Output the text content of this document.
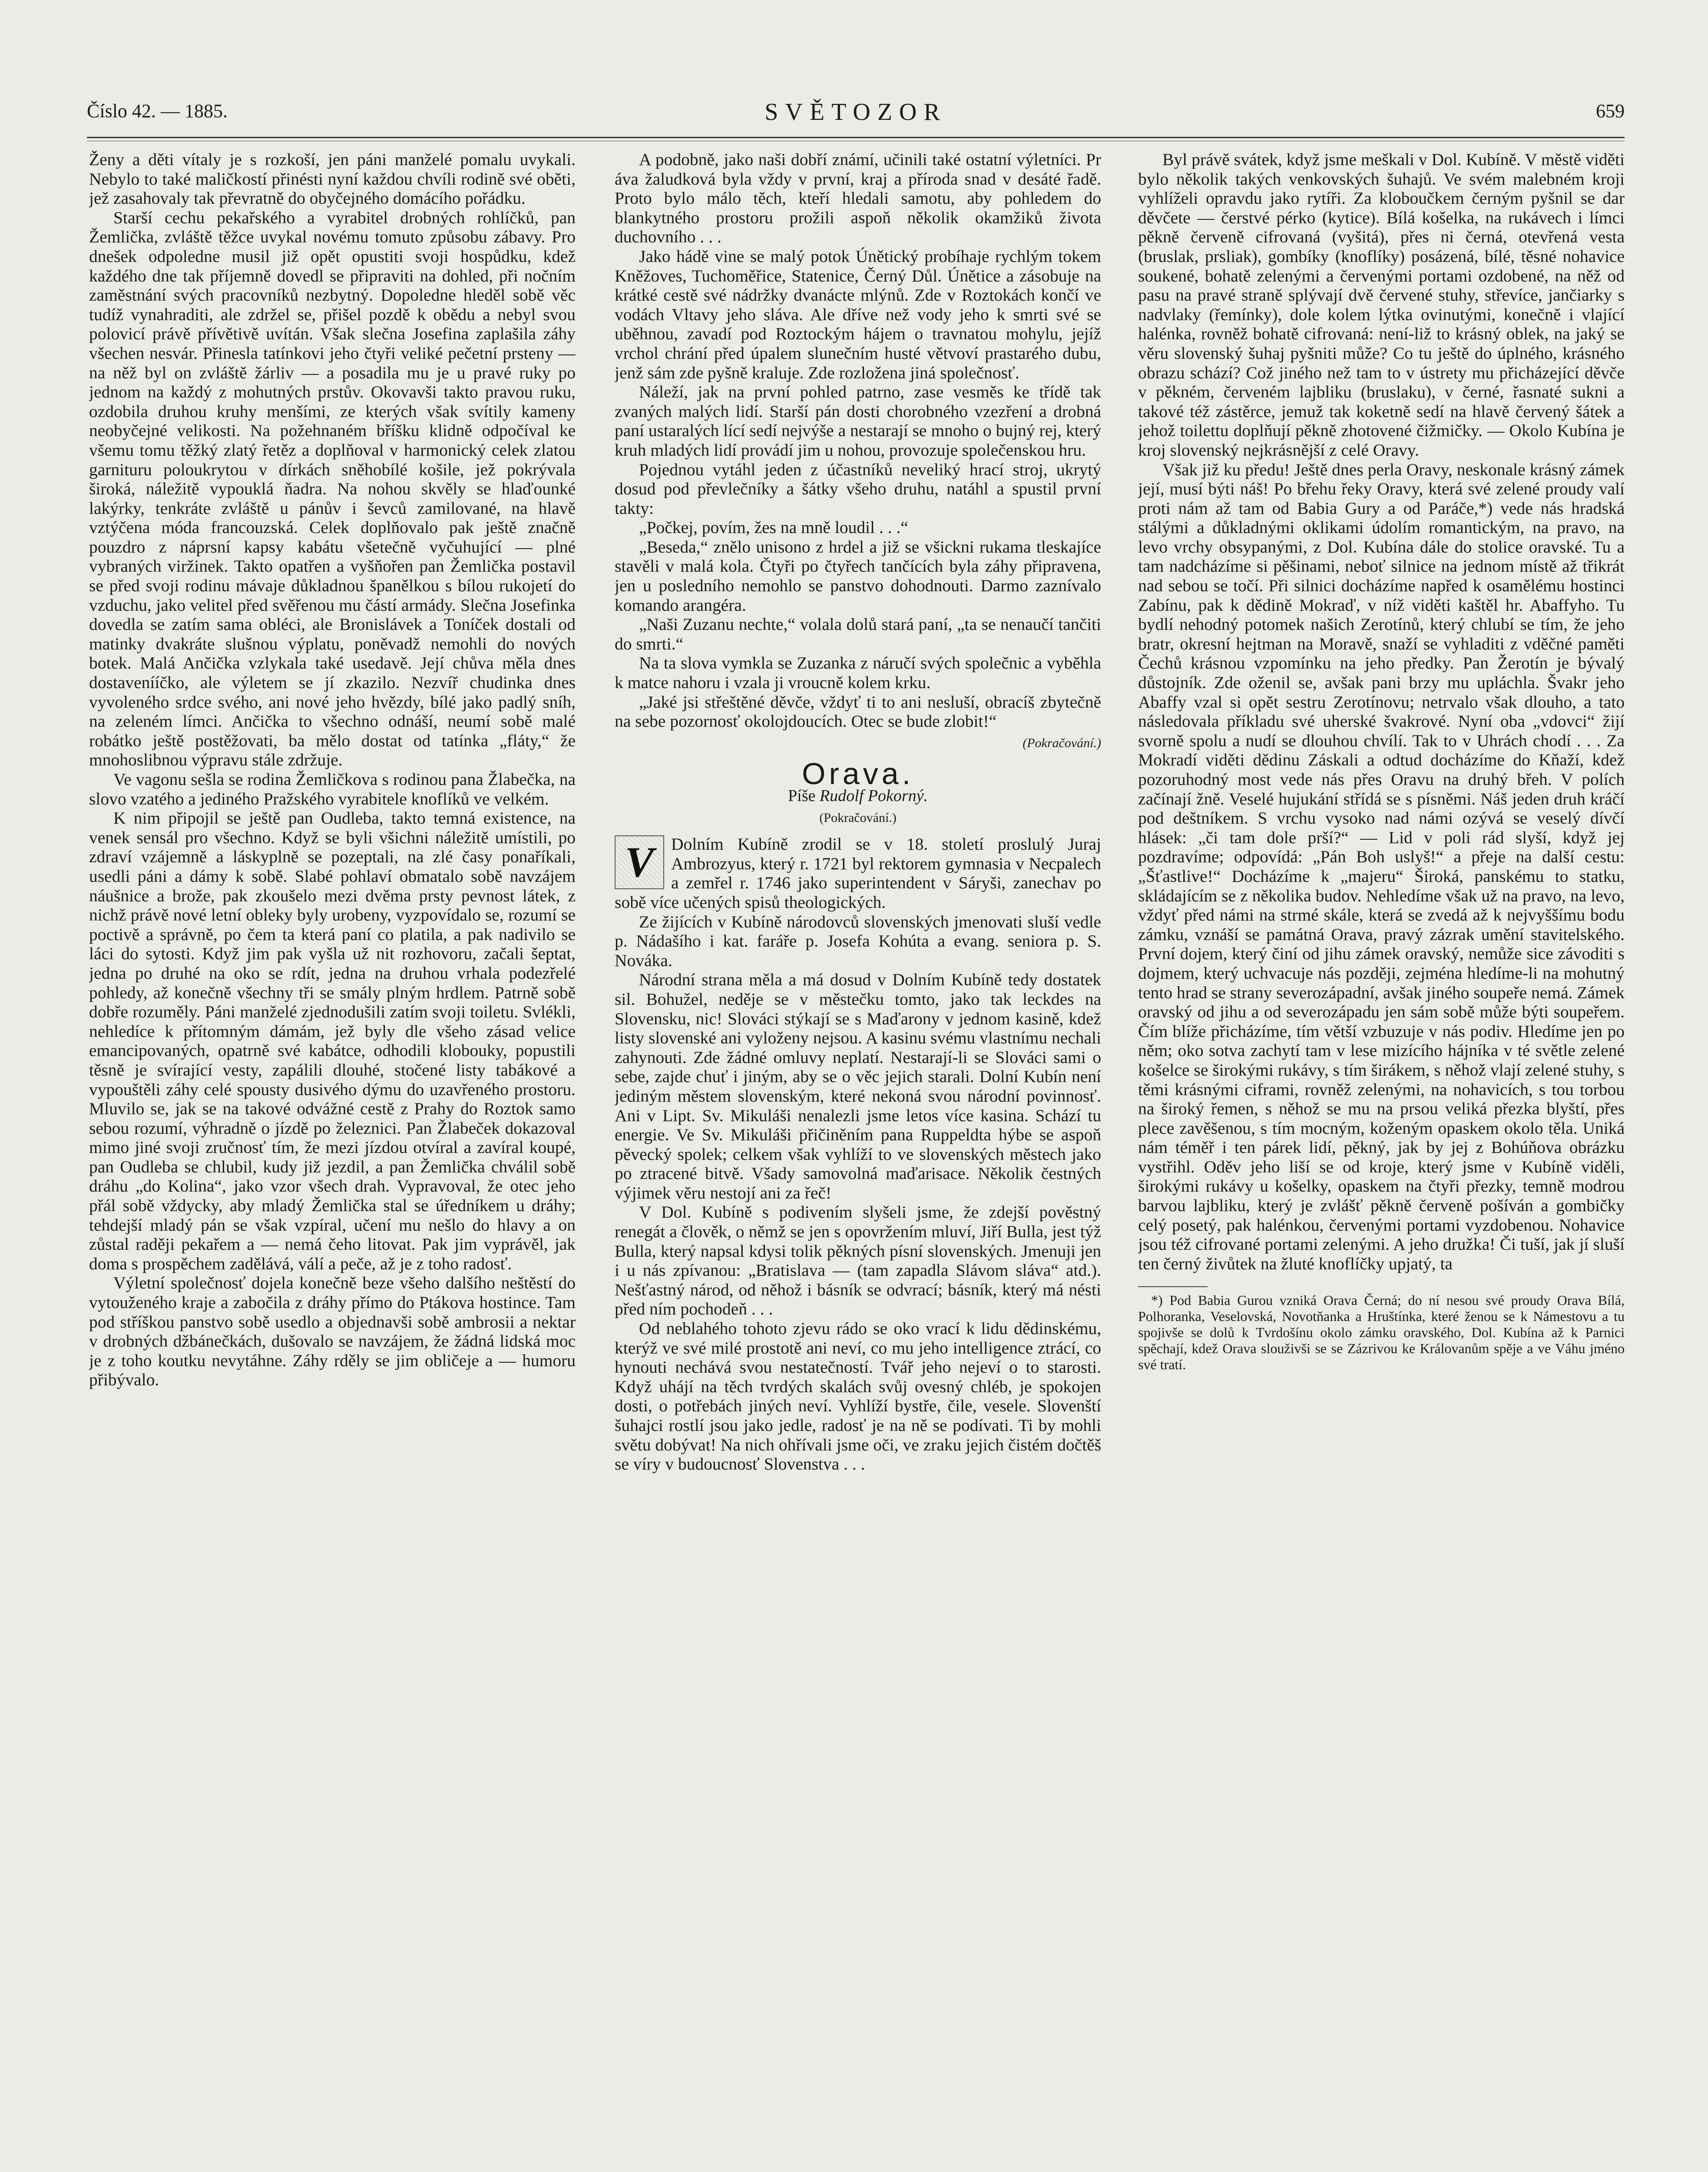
Číslo 42. — 1885.	SVĚTOZOR	659

Ženy a děti vítaly je s rozkoší, jen páni manželé pomalu uvykali. Nebylo to také maličkostí přinésti nyní každou chvíli rodině své oběti, jež zasahovaly tak převratně do obyčejného domácího pořádku.

Starší cechu pekařského a vyrabitel drobných rohlíčků, pan Žemlička, zvláště těžce uvykal novému tomuto způsobu zábavy. Pro dnešek odpoledne musil již opět opustiti svoji hospůdku, kdež každého dne tak příjemně dovedl se připraviti na dohled, při nočním zaměstnání svých pracovníků nezbytný. Dopoledne hleděl sobě věc tudíž vynahraditi, ale zdržel se, přišel pozdě k obědu a nebyl svou polovicí právě přívětivě uvítán. Však slečna Josefina zaplašila záhy všechen nesvár. Přinesla tatínkovi jeho čtyři veliké pečetní prsteny — na něž byl on zvláště žárliv — a posadila mu je u pravé ruky po jednom na každý z mohutných prstův. Okovavši takto pravou ruku, ozdobila druhou kruhy menšími, ze kterých však svítily kameny neobyčejné velikosti. Na požehnaném bříšku klidně odpočíval ke všemu tomu těžký zlatý řetěz a doplňoval v harmonický celek zlatou garnituru poloukrytou v dírkách sněhobílé košile, jež pokrývala široká, náležitě vypouklá ňadra. Na nohou skvěly se hlaďounké lakýrky, tenkráte zvláště u pánův i ševců zamilované, na hlavě vztýčena móda francouzská. Celek doplňovalo pak ještě značně pouzdro z náprsní kapsy kabátu všetečně vyčuhující — plné vybraných viržinek. Takto opatřen a vyšňořen pan Žemlička postavil se před svoji rodinu mávaje důkladnou španělkou s bílou rukojetí do vzduchu, jako velitel před svěřenou mu částí armády. Slečna Josefinka dovedla se zatím sama obléci, ale Bronislávek a Toníček dostali od matinky dvakráte slušnou výplatu, poněvadž nemohli do nových botek. Malá Ančička vzlykala také usedavě. Její chůva měla dnes dostavenííčko, ale výletem se jí zkazilo. Nezvíř chudinka dnes vyvoleného srdce svého, ani nové jeho hvězdy, bílé jako padlý sníh, na zeleném límci. Ančička to všechno odnáší, neumí sobě malé robátko ještě postěžovati, ba mělo dostat od tatínka „fláty,“ že mnohoslibnou výpravu stále zdržuje.

Ve vagonu sešla se rodina Žemličkova s rodinou pana Žlabečka, na slovo vzatého a jediného Pražského vyrabitele knoflíků ve velkém.

K nim připojil se ještě pan Oudleba, takto temná existence, na venek sensál pro všechno. Když se byli všichni náležitě umístili, po zdraví vzájemně a láskyplně se pozeptali, na zlé časy ponaříkali, usedli páni a dámy k sobě. Slabé pohlaví obmatalo sobě navzájem náušnice a brože, pak zkoušelo mezi dvěma prsty pevnost látek, z nichž právě nové letní obleky byly urobeny, vyzpovídalo se, rozumí se poctivě a správně, po čem ta která paní co platila, a pak nadivilo se láci do sytosti. Když jim pak vyšla už nit rozhovoru, začali šeptat, jedna po druhé na oko se rdít, jedna na druhou vrhala podezřelé pohledy, až konečně všechny tři se smály plným hrdlem. Patrně sobě dobře rozuměly. Páni manželé zjednodušili zatím svoji toiletu. Svlékli, nehledíce k přítomným dámám, jež byly dle všeho zásad velice emancipovaných, opatrně své kabátce, odhodili klobouky, popustili těsně je svírající vesty, zapálili dlouhé, stočené listy tabákové a vypouštěli záhy celé spousty dusivého dýmu do uzavřeného prostoru. Mluvilo se, jak se na takové odvážné cestě z Prahy do Roztok samo sebou rozumí, výhradně o jízdě po železnici. Pan Žlabeček dokazoval mimo jiné svoji zručnosť tím, že mezi jízdou otvíral a zavíral koupé, pan Oudleba se chlubil, kudy již jezdil, a pan Žemlička chválil sobě dráhu „do Kolina“, jako vzor všech drah. Vypravoval, že otec jeho přál sobě vždycky, aby mladý Žemlička stal se úředníkem u dráhy; tehdejší mladý pán se však vzpíral, učení mu nešlo do hlavy a on zůstal raději pekařem a — nemá čeho litovat. Pak jim vyprávěl, jak doma s prospěchem zadělává, válí a peče, až je z toho radosť.

Výletní společnosť dojela konečně beze všeho dalšího neštěstí do vytouženého kraje a zabočila z dráhy přímo do Ptákova hostince. Tam pod stříškou panstvo sobě usedlo a objednavši sobě ambrosii a nektar v drobných džbánečkách, dušovalo se navzájem, že žádná lidská moc je z toho koutku nevytáhne. Záhy rděly se jim obličeje a — humoru přibývalo.

A podobně, jako naši dobří známí, učinili také ostatní výletníci. Pr áva žaludková byla vždy v první, kraj a příroda snad v desáté řadě. Proto bylo málo těch, kteří hledali samotu, aby pohledem do blankytného prostoru prožili aspoň několik okamžiků života duchovního . . .

Jako hádě vine se malý potok Únětický probíhaje rychlým tokem Kněžoves, Tuchoměřice, Statenice, Černý Důl. Únětice a zásobuje na krátké cestě své nádržky dvanácte mlýnů. Zde v Roztokách končí ve vodách Vltavy jeho sláva. Ale dříve než vody jeho k smrti své se uběhnou, zavadí pod Roztockým hájem o travnatou mohylu, jejíž vrchol chrání před úpalem slunečním husté větvoví prastarého dubu, jenž sám zde pyšně kraluje. Zde rozložena jiná společnosť.

Náleží, jak na první pohled patrno, zase vesměs ke třídě tak zvaných malých lidí. Starší pán dosti chorobného vzezření a drobná paní ustaralých lící sedí nejvýše a nestarají se mnoho o bujný rej, který kruh mladých lidí provádí jim u nohou, provozuje společenskou hru.

Pojednou vytáhl jeden z účastníků neveliký hrací stroj, ukrytý dosud pod převlečníky a šátky všeho druhu, natáhl a spustil první takty:

„Počkej, povím, žes na mně loudil . . .“

„Beseda,“ znělo unisono z hrdel a již se všickni rukama tleskajíce stavěli v malá kola. Čtyři po čtyřech tančících byla záhy připravena, jen u posledního nemohlo se panstvo dohodnouti. Darmo zaznívalo komando arangéra.

„Naši Zuzanu nechte,“ volala dolů stará paní, „ta se nenaučí tančiti do smrti.“

Na ta slova vymkla se Zuzanka z náručí svých společnic a vyběhla k matce nahoru i vzala ji vroucně kolem krku.

„Jaké jsi střeštěné děvče, vždyť ti to ani nesluší, obracíš zbytečně na sebe pozornosť okolojdoucích. Otec se bude zlobit!“

(Pokračování.)
Orava.
Píše Rudolf Pokorný.
(Pokračování.)
V	Dolním Kubíně zrodil se v 18. století proslulý Juraj Ambrozyus, který r. 1721 byl rektorem gymnasia v Necpalech a zemřel r. 1746 jako superintendent v Sáryši, zanechav po sobě více učených spisů theologických.

Ze žijících v Kubíně národovců slovenských jmenovati sluší vedle p. Nádašího i kat. faráře p. Josefa Kohúta a evang. seniora p. S. Nováka.

Národní strana měla a má dosud v Dolním Kubíně tedy dostatek sil. Bohužel, neděje se v městečku tomto, jako tak leckdes na Slovensku, nic! Slováci stýkají se s Maďarony v jednom kasině, kdež listy slovenské ani vyloženy nejsou. A kasinu svému vlastnímu nechali zahynouti. Zde žádné omluvy neplatí. Nestarají-li se Slováci sami o sebe, zajde chuť i jiným, aby se o věc jejich starali. Dolní Kubín není jediným městem slovenským, které nekoná svou národní povinnosť. Ani v Lipt. Sv. Mikuláši nenalezli jsme letos více kasina. Schází tu energie. Ve Sv. Mikuláši přičiněním pana Ruppeldta hýbe se aspoň pěvecký spolek; celkem však vyhlíží to ve slovenských městech jako po ztracené bitvě. Všady samovolná maďarisace. Několik čestných výjimek věru nestojí ani za řeč!

V Dol. Kubíně s podivením slyšeli jsme, že zdejší pověstný renegát a člověk, o němž se jen s opovržením mluví, Jiří Bulla, jest týž Bulla, který napsal kdysi tolik pěkných písní slovenských. Jmenuji jen i u nás zpívanou: „Bratislava — (tam zapadla Slávom sláva“ atd.). Nešťastný národ, od něhož i básník se odvrací; básník, který má nésti před ním pochodeň . . .

Od neblahého tohoto zjevu rádo se oko vrací k lidu dědinskému, kterýž ve své milé prostotě ani neví, co mu jeho intelligence ztrácí, co hynouti nechává svou nestatečností. Tvář jeho nejeví o to starosti. Když uhájí na těch tvrdých skalách svůj ovesný chléb, je spokojen dosti, o potřebách jiných neví. Vyhlíží bystře, čile, vesele. Slovenští šuhajci rostlí jsou jako jedle, radosť je na ně se podívati. Ti by mohli světu dobývat! Na nich ohřívali jsme oči, ve zraku jejich čistém dočtěš se víry v budoucnosť Slovenstva . . .

Byl právě svátek, když jsme meškali v Dol. Kubíně. V městě viděti bylo několik takých venkovských šuhajů. Ve svém malebném kroji vyhlíželi opravdu jako rytíři. Za kloboučkem černým pyšnil se dar děvčete — čerstvé pérko (kytice). Bílá košelka, na rukávech i límci pěkně červeně cifrovaná (vyšitá), přes ni černá, otevřená vesta (bruslak, prsliak), gombíky (knoflíky) posázená, bílé, těsné nohavice soukené, bohatě zelenými a červenými portami ozdobené, na něž od pasu na pravé straně splývají dvě červené stuhy, střevíce, jančiarky s nadvlaky (řemínky), dole kolem lýtka ovinutými, konečně i vlající halénka, rovněž bohatě cifrovaná: není-liž to krásný oblek, na jaký se věru slovenský šuhaj pyšniti může? Co tu ještě do úplného, krásného obrazu schází? Což jiného než tam to v ústrety mu přicházející děvče v pěkném, červeném lajbliku (bruslaku), v černé, řasnaté sukni a takové též zástěrce, jemuž tak koketně sedí na hlavě červený šátek a jehož toilettu doplňují pěkně zhotovené čižmičky. — Okolo Kubína je kroj slovenský nejkrásnější z celé Oravy.

Však již ku předu! Ještě dnes perla Oravy, neskonale krásný zámek její, musí býti náš! Po břehu řeky Oravy, která své zelené proudy valí proti nám až tam od Babia Gury a od Paráče,*) vede nás hradská stálými a důkladnými oklikami údolím romantickým, na pravo, na levo vrchy obsypanými, z Dol. Kubína dále do stolice oravské. Tu a tam nadcházíme si pěšinami, neboť silnice na jednom místě až třikrát nad sebou se točí. Při silnici docházíme napřed k osamělému hostinci Zabínu, pak k dědině Mokraď, v níž viděti kaštěl hr. Abaffyho. Tu bydlí nehodný potomek našich Zerotínů, který chlubí se tím, že jeho bratr, okresní hejtman na Moravě, snaží se vyhladiti z vděčné paměti Čechů krásnou vzpomínku na jeho předky. Pan Žerotín je bývalý důstojník. Zde oženil se, avšak pani brzy mu upláchla. Švakr jeho Abaffy vzal si opět sestru Zerotínovu; netrvalo však dlouho, a tato následovala příkladu své uherské švakrové. Nyní oba „vdovci“ žijí svorně spolu a nudí se dlouhou chvílí. Tak to v Uhrách chodí . . . Za Mokradí viděti dědinu Záskali a odtud docházíme do Kňaží, kdež pozoruhodný most vede nás přes Oravu na druhý břeh. V polích začínají žně. Veselé hujukání střídá se s písněmi. Náš jeden druh kráčí pod deštníkem. S vrchu vysoko nad námi ozývá se veselý dívčí hlásek: „či tam dole prší?“ — Lid v poli rád slyší, když jej pozdravíme; odpovídá: „Pán Boh uslyš!“ a přeje na další cestu: „Šťastlive!“ Docházíme k „majeru“ Široká, panskému to statku, skládajícím se z několika budov. Nehledíme však už na pravo, na levo, vždyť před námi na strmé skále, která se zvedá až k nejvyššímu bodu zámku, vznáší se památná Orava, pravý zázrak umění stavitelského. První dojem, který činí od jihu zámek oravský, nemůže sice závoditi s dojmem, který uchvacuje nás později, zejména hledíme-li na mohutný tento hrad se strany severozápadní, avšak jiného soupeře nemá. Zámek oravský od jihu a od severozápadu jen sám sobě může býti soupeřem. Čím blíže přicházíme, tím větší vzbuzuje v nás podiv. Hledíme jen po něm; oko sotva zachytí tam v lese mizícího hájníka v té světle zelené košelce se širokými rukávy, s tím širákem, s něhož vlají zelené stuhy, s těmi krásnými ciframi, rovněž zelenými, na nohavicích, s tou torbou na široký řemen, s něhož se mu na prsou veliká přezka blyští, přes plece zavěšenou, s tím mocným, koženým opaskem okolo těla. Uniká nám téměř i ten párek lidí, pěkný, jak by jej z Bohúňova obrázku vystřihl. Oděv jeho liší se od kroje, který jsme v Kubíně viděli, širokými rukávy u košelky, opaskem na čtyři přezky, temně modrou barvou lajbliku, který je zvlášť pěkně červeně pošíván a gombičky celý posetý, pak halénkou, červenými portami vyzdobenou. Nohavice jsou též cifrované portami zelenými. A jeho družka! Či tuší, jak jí sluší ten černý živůtek na žluté knoflíčky upjatý, ta

*) Pod Babia Gurou vzniká Orava Černá; do ní nesou své proudy Orava Bílá, Polhoranka, Veselovská, Novotňanka a Hruštínka, které ženou se k Námestovu a tu spojivše se dolů k Tvrdošínu okolo zámku oravského, Dol. Kubína až k Parnici spěchají, kdež Orava slouživši se se Zázrivou ke Královanům spěje a ve Váhu jméno své tratí.
